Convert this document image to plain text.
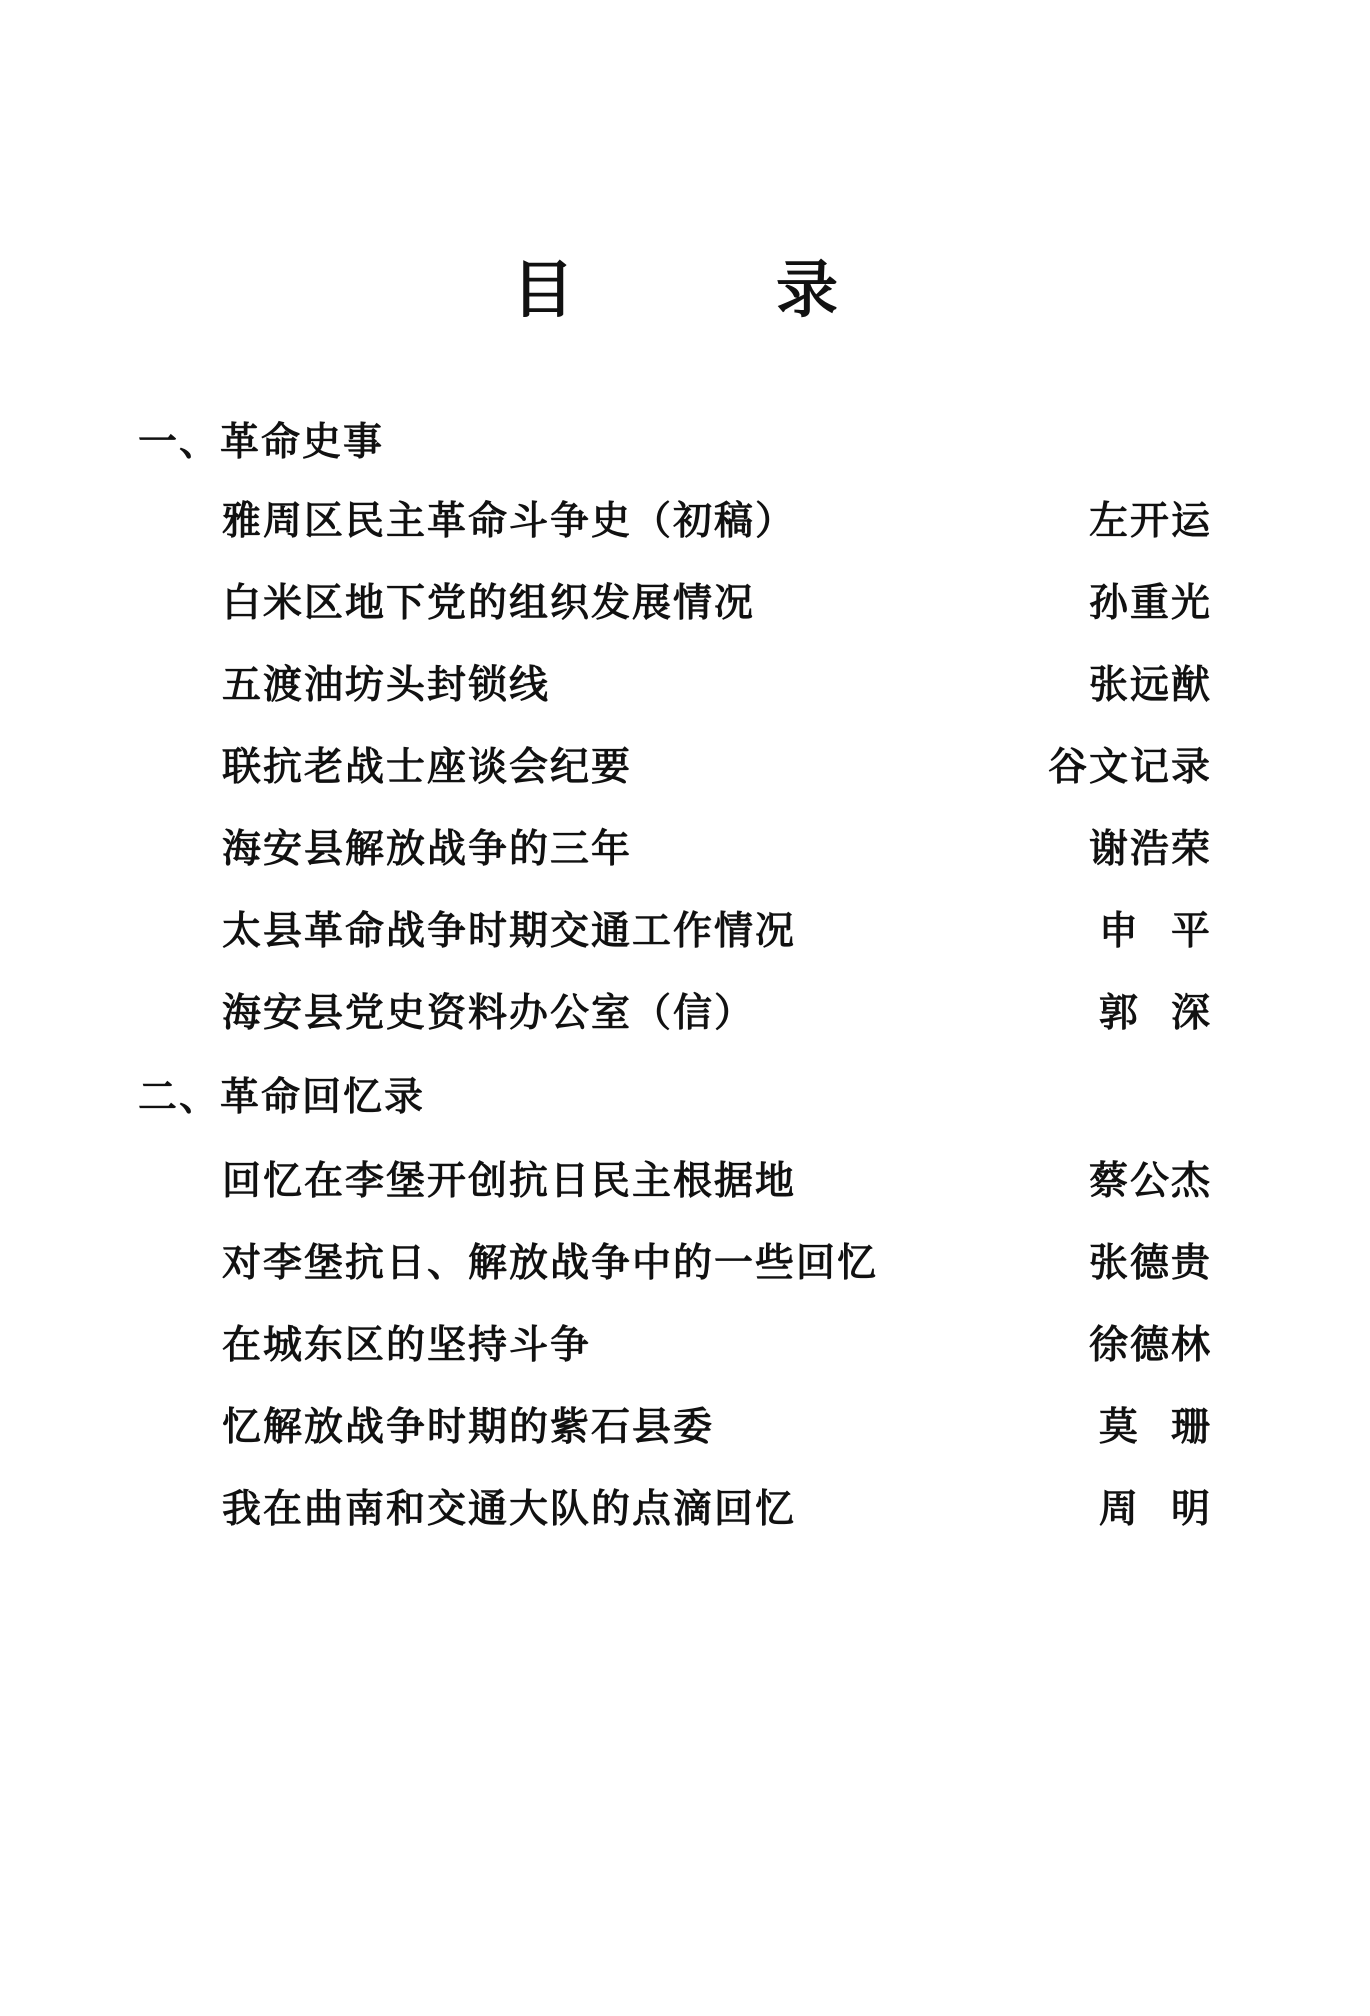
目	录
一、革命史事
雅周区民主革命斗争史（初稿）	左开运
白米区地下党的组织发展情况	孙重光
五渡油坊头封锁线	张远猷
联抗老战士座谈会纪要	谷文记录
海安县解放战争的三年	谢浩荣
太县革命战争时期交通工作情况	申  平
海安县党史资料办公室（信）	郭  深
二、革命回忆录
回忆在李堡开创抗日民主根据地	蔡公杰
对李堡抗日、解放战争中的一些回忆	张德贵
在城东区的坚持斗争	徐德林
忆解放战争时期的紫石县委	莫  珊
我在曲南和交通大队的点滴回忆	周  明
